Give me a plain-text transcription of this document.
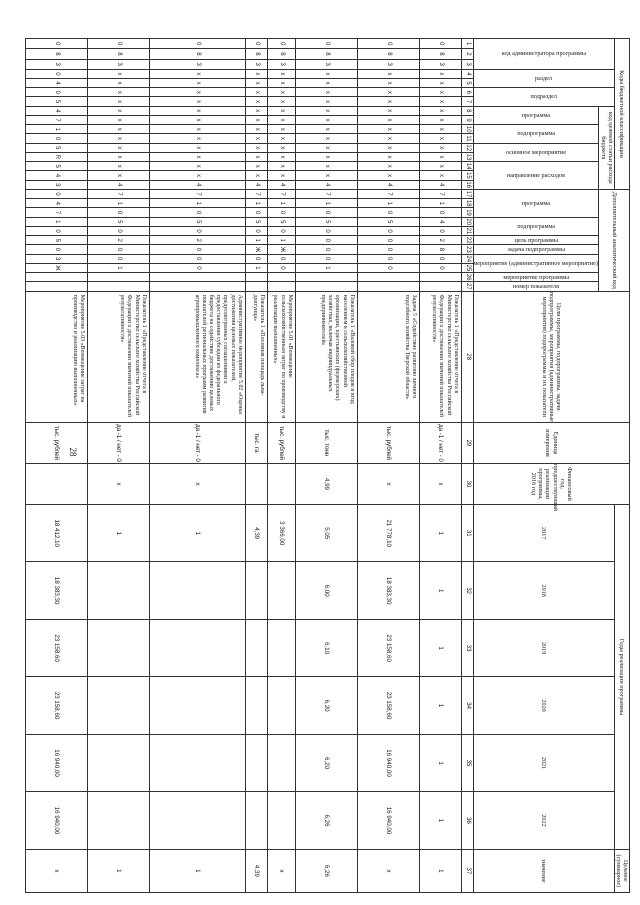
28
Коды бюджетной классификации																Дополнительный аналитический код											Цели программы, подпрограммы, задачи подпрограммы, мероприятия (административные мероприятия) подпрограммы и их показатели	Единица измерения	Финансовый год, предшествующий реализации программы, 2016 год	Годы реализации программы						Целевое (суммарное)

код администратора программы			раздел		подраздел		код целевой статьи расхода бюджета																							2017	2018	2019	2020	2021	2022	значение

							программа		подпрограмма		основное мероприятие		направление расходов			программа			подпрограмма		цель программы	задача подпрограммы	мероприятие (административное мероприятие)		мероприятие программы	номер показателя										

1	2	3	4	5	6	7	8	9	10	11	12	13	14	15	16	17	18	19	20	21	22	23	24	25	26	27	28	29	30	31	32	33	34	35	36	37
0	8	3	х	х	х	х	х	х	х	х	х	х	х	х	4	7	1	0	4	0	2	8	0	0			Показатель 1 «Представление отчета в Министерство сельского хозяйства Российской Федерации о достижении значений показателей результативности»	да -1 / нет - 0	х	1	1	1	1	1	1	1
0	8	3	х	х	х	х	х	х	х	х	х	х	х	х	4	7	1	0	5	0	0	0	0	0			Задача 5 «Содействие развитию личного подсобного хозяйства Тверской области»	тыс. рублей	х	21 778,10	18 383,30	23 158,60	23 158,60	16 940,00	16 940,00	х
0	8	3	х	х	х	х	х	х	х	х	х	х	х	х	4	7	1	0	5	0	0	0	0	1			Показатель 1 «Валовой сбор плодов и ягод населением в сельскохозяйственной организации, крестьянских (фермерских) хозяйствах, включая индивидуальных предпринимателей»	тыс. тонн	4,99	5,05	6,00	6,10	6,20	6,20	6,26	6,26
0	8	3	х	х	х	х	х	х	х	х	х	х	х	х	4	7	1	0	5	0	1	Ж	0	0			Мероприятие 5.01 «Возмещение сельскохозяйственным затрат по производству и реализации выполненных»	тыс. рублей		3 366,00						х
0	8	3	х	х	х	х	х	х	х	х	х	х	х	х	4	7	1	0	5	0	1	Ж	0	1			Показатель 1 «Посевная площадь льна-долгунца»	тыс. га		4,39						4,39
0	8	3	х	х	х	х	х	х	х	х	х	х	х	х	4	7	1	0	5	0	2	0	0	0			Административное мероприятие 5.02 «Оценка достижения целевых показателей, предусмотренных соглашениями о предоставлении субсидии из федерального бюджета на содействие достижению целевых показателей региональных программ развития агропромышленного комплекса»	да -1 / нет - 0	х	1						1
0	8	3	х	х	х	х	х	х	х	х	х	х	х	х	4	7	1	0	5	0	2	0	0	1			Показатель 1 «Представление отчета в Министерство сельского хозяйства Российской Федерации о достижении значений показателей результативности»	да -1 / нет - 0	х	1						1
0	8	3	0	4	0	5	4	7	1	0	5	R	5	4	3	0	4	7	1	0	5	0	3	Ж			Мероприятие 5.03 «Возмещение затрат на производство и реализацию выполненных»	тыс. рублей		18 412,10	18 383,30	23 158,60	23 158,60	16 940,00	16 940,00	х
